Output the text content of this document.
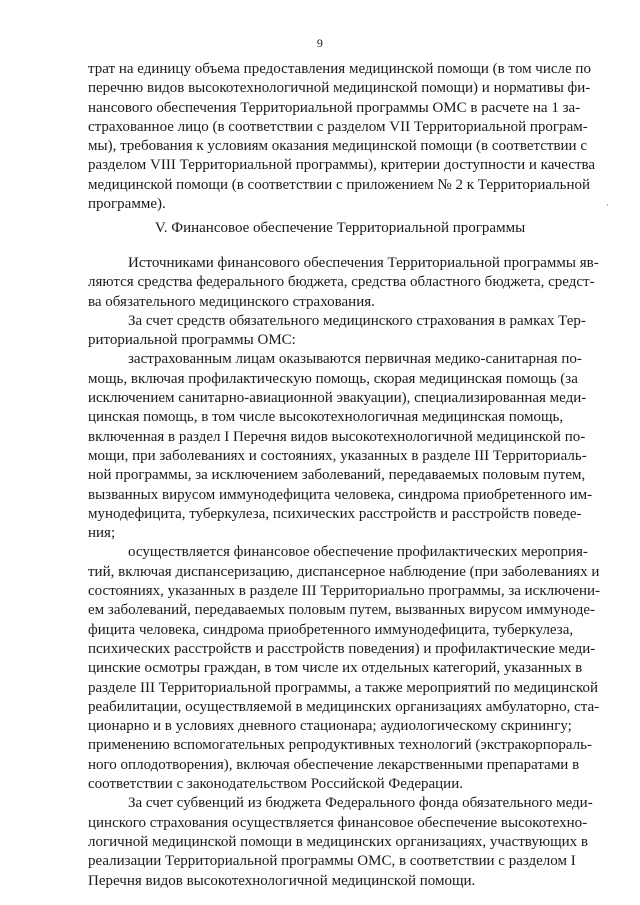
9
·
трат на единицу объема предоставления медицинской помощи (в том числе по
перечню видов высокотехнологичной медицинской помощи) и нормативы фи-
нансового обеспечения Территориальной программы ОМС в расчете на 1 за-
страхованное лицо (в соответствии с разделом VII Территориальной програм-
мы), требования к условиям оказания медицинской помощи (в соответствии с
разделом VIII Территориальной программы), критерии доступности и качества
медицинской помощи (в соответствии с приложением № 2 к Территориальной
программе).
V. Финансовое обеспечение Территориальной программы
Источниками финансового обеспечения Территориальной программы яв-
ляются средства федерального бюджета, средства областного бюджета, средст-
ва обязательного медицинского страхования.
За счет средств обязательного медицинского страхования в рамках Тер-
риториальной программы ОМС:
застрахованным лицам оказываются первичная медико-санитарная по-
мощь, включая профилактическую помощь, скорая медицинская помощь (за
исключением санитарно-авиационной эвакуации), специализированная меди-
цинская помощь, в том числе высокотехнологичная медицинская помощь,
включенная в раздел I Перечня видов высокотехнологичной медицинской по-
мощи, при заболеваниях и состояниях, указанных в разделе III Территориаль-
ной программы, за исключением заболеваний, передаваемых половым путем,
вызванных вирусом иммунодефицита человека, синдрома приобретенного им-
мунодефицита, туберкулеза, психических расстройств и расстройств поведе-
ния;
осуществляется финансовое обеспечение профилактических мероприя-
тий, включая диспансеризацию, диспансерное наблюдение (при заболеваниях и
состояниях, указанных в разделе III Территориально программы, за исключени-
ем заболеваний, передаваемых половым путем, вызванных вирусом иммуноде-
фицита человека, синдрома приобретенного иммунодефицита, туберкулеза,
психических расстройств и расстройств поведения) и профилактические меди-
цинские осмотры граждан, в том числе их отдельных категорий, указанных в
разделе III Территориальной программы, а также мероприятий по медицинской
реабилитации, осуществляемой в медицинских организациях амбулаторно, ста-
ционарно и в условиях дневного стационара; аудиологическому скринингу;
применению вспомогательных репродуктивных технологий (экстракорпораль-
ного оплодотворения), включая обеспечение лекарственными препаратами в
соответствии с законодательством Российской Федерации.
За счет субвенций из бюджета Федерального фонда обязательного меди-
цинского страхования осуществляется финансовое обеспечение высокотехно-
логичной медицинской помощи в медицинских организациях, участвующих в
реализации Территориальной программы ОМС, в соответствии с разделом I
Перечня видов высокотехнологичной медицинской помощи.
